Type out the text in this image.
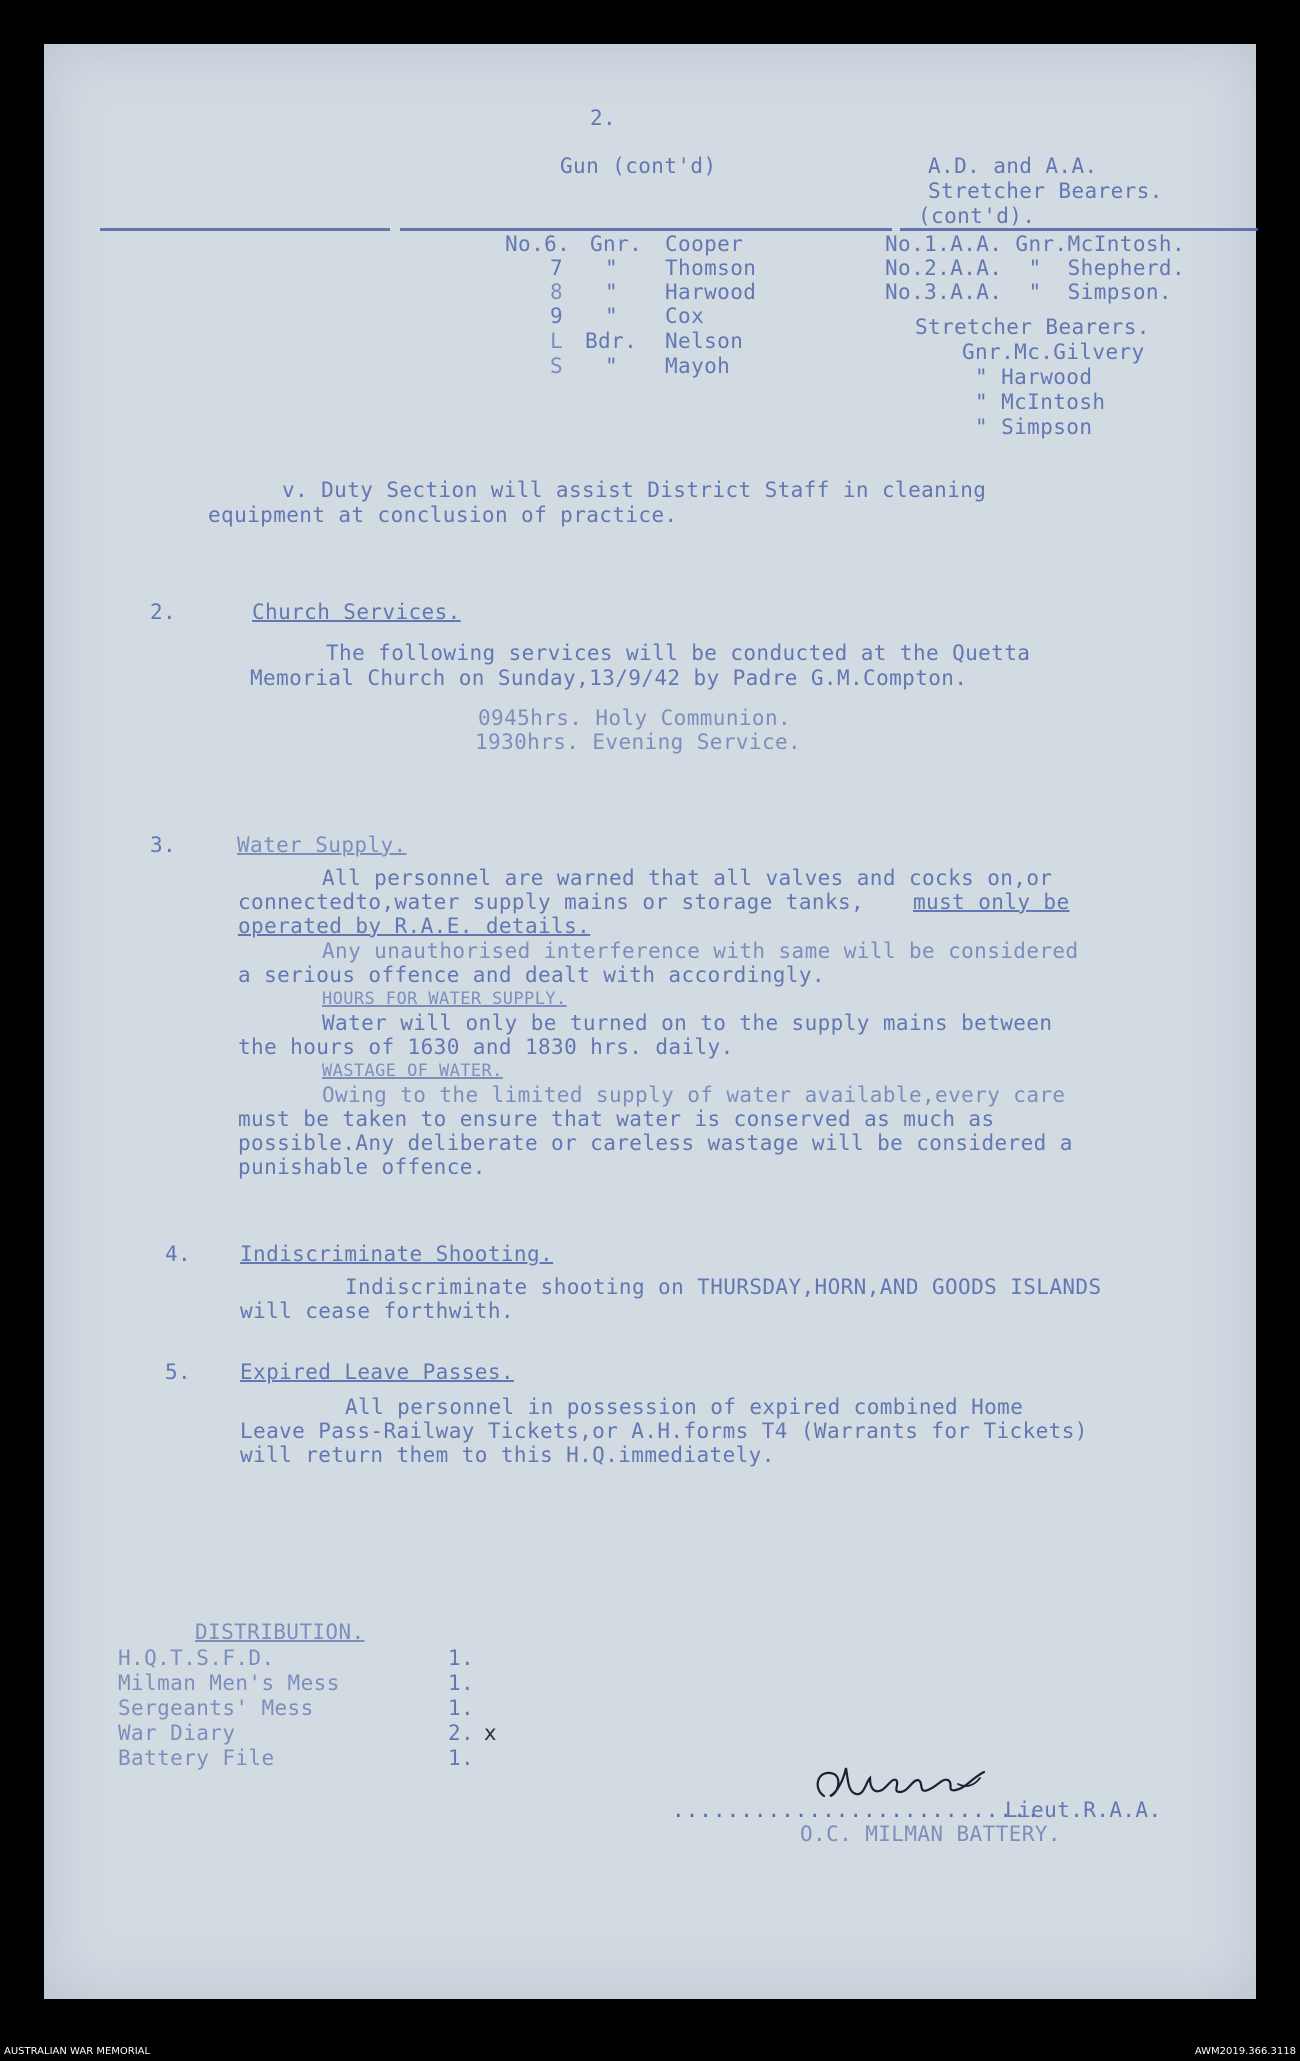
2.
Gun (cont'd)	A.D. and A.A.
Stretcher Bearers.
(cont'd).
No.6. Gnr. Cooper
7 " Thomson
8 " Harwood
9 " Cox
L Bdr. Nelson
S " Mayoh
No.1.A.A. Gnr.McIntosh.
No.2.A.A.  "  Shepherd.
No.3.A.A.  "  Simpson.
Stretcher Bearers.
Gnr.Mc.Gilvery
" Harwood
" McIntosh
" Simpson
v. Duty Section will assist District Staff in cleaning
equipment at conclusion of practice.
2.	Church Services.
The following services will be conducted at the Quetta
Memorial Church on Sunday,13/9/42 by Padre G.M.Compton.
0945hrs. Holy Communion.
1930hrs. Evening Service.
3.	Water Supply.
All personnel are warned that all valves and cocks on,or
connectedto,water supply mains or storage tanks, must only be
operated by R.A.E. details.
Any unauthorised interference with same will be considered
a serious offence and dealt with accordingly.
HOURS FOR WATER SUPPLY.
Water will only be turned on to the supply mains between
the hours of 1630 and 1830 hrs. daily.
WASTAGE OF WATER.
Owing to the limited supply of water available,every care
must be taken to ensure that water is conserved as much as
possible.Any deliberate or careless wastage will be considered a
punishable offence.
4. Indiscriminate Shooting.
Indiscriminate shooting on THURSDAY,HORN,AND GOODS ISLANDS
will cease forthwith.
5. Expired Leave Passes.
All personnel in possession of expired combined Home
Leave Pass-Railway Tickets,or A.H.forms T4 (Warrants for Tickets)
will return them to this H.Q.immediately.
DISTRIBUTION.
H.Q.T.S.F.D.	1.
Milman Men's Mess	1.
Sergeants' Mess	1.
War Diary	2. x
Battery File	1.
...........................
Lieut.R.A.A.
O.C. MILMAN BATTERY.
AUSTRALIAN WAR MEMORIAL	AWM2019.366.3118
